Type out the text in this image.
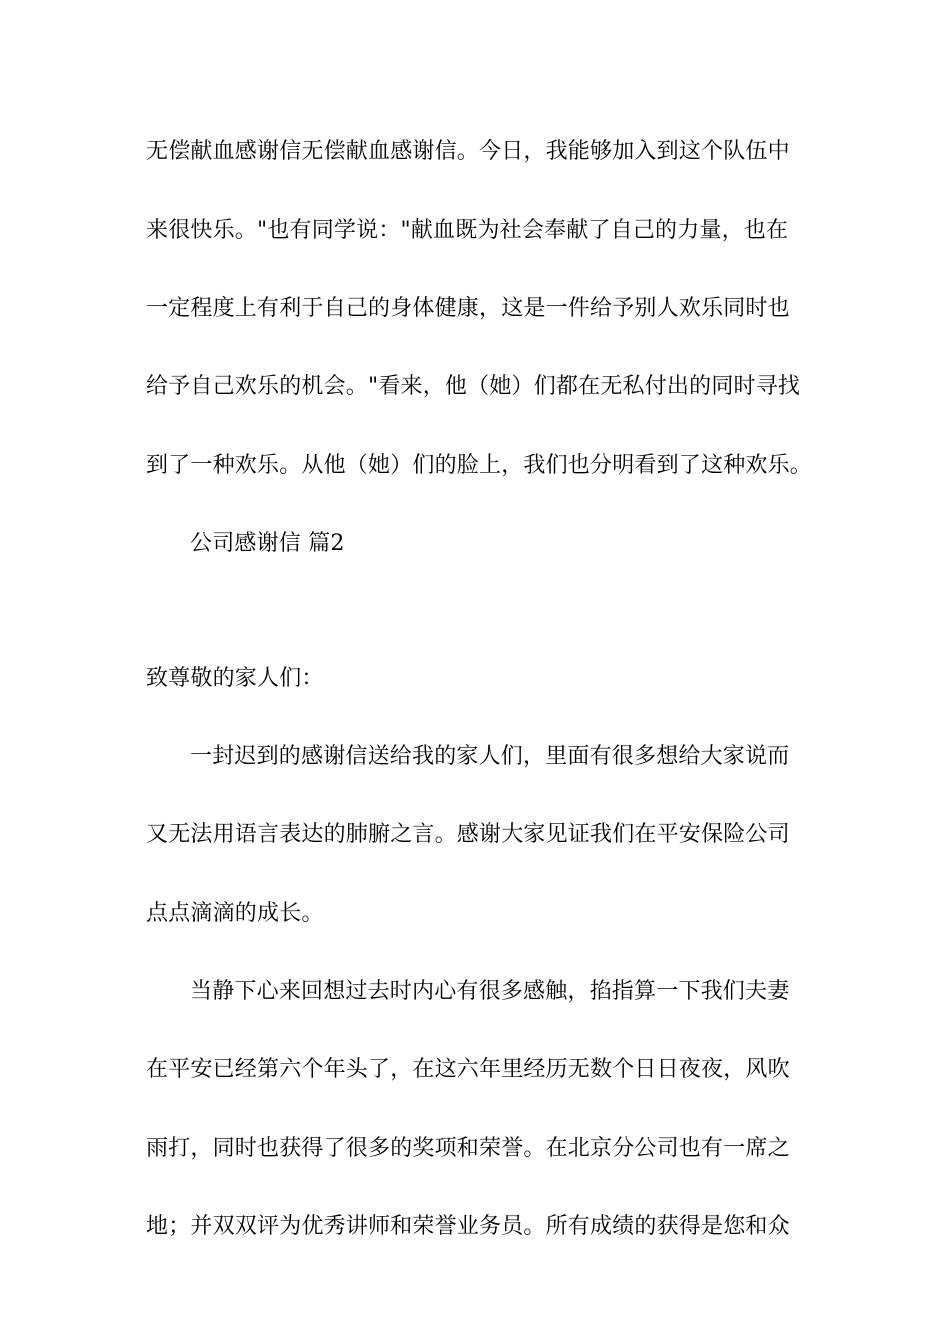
无偿献血感谢信无偿献血感谢信。今日，我能够加入到这个队伍中
来很快乐。"也有同学说："献血既为社会奉献了自己的力量，也在
一定程度上有利于自己的身体健康，这是一件给予别人欢乐同时也
给予自己欢乐的机会。"看来，他（她）们都在无私付出的同时寻找
到了一种欢乐。从他（她）们的脸上，我们也分明看到了这种欢乐。
公司感谢信 篇2
致尊敬的家人们：
一封迟到的感谢信送给我的家人们，里面有很多想给大家说而
又无法用语言表达的肺腑之言。感谢大家见证我们在平安保险公司
点点滴滴的成长。
当静下心来回想过去时内心有很多感触，掐指算一下我们夫妻
在平安已经第六个年头了，在这六年里经历无数个日日夜夜，风吹
雨打，同时也获得了很多的奖项和荣誉。在北京分公司也有一席之
地；并双双评为优秀讲师和荣誉业务员。所有成绩的获得是您和众
